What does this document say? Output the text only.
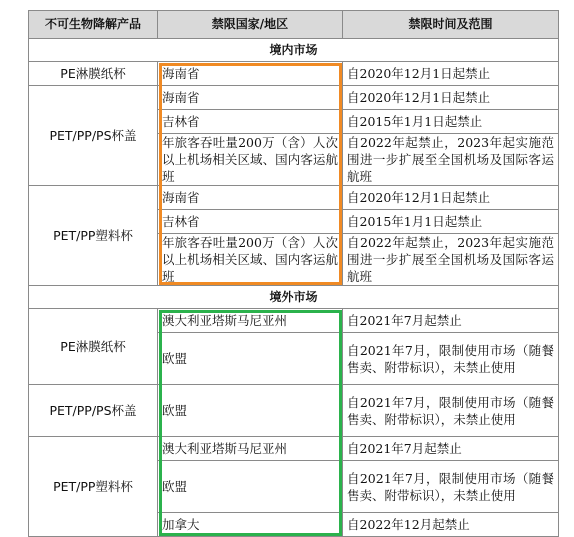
不可生物降解产品	禁限国家/地区	禁限时间及范围
境内市场		
PE淋膜纸杯	海南省	自2020年12月1日起禁止
PET/PP/PS杯盖	海南省	自2020年12月1日起禁止
	吉林省	自2015年1月1日起禁止
	年旅客吞吐量200万（含）人次以上机场相关区域、国内客运航班	自2022年起禁止，2023年起实施范围进一步扩展至全国机场及国际客运航班
PET/PP塑料杯	海南省	自2020年12月1日起禁止
	吉林省	自2015年1月1日起禁止
	年旅客吞吐量200万（含）人次以上机场相关区域、国内客运航班	自2022年起禁止，2023年起实施范围进一步扩展至全国机场及国际客运航班
境外市场		
PE淋膜纸杯	澳大利亚塔斯马尼亚州	自2021年7月起禁止
	欧盟	自2021年7月，限制使用市场（随餐售卖、附带标识），未禁止使用
PET/PP/PS杯盖	欧盟	自2021年7月，限制使用市场（随餐售卖、附带标识），未禁止使用
PET/PP塑料杯	澳大利亚塔斯马尼亚州	自2021年7月起禁止
	欧盟	自2021年7月，限制使用市场（随餐售卖、附带标识），未禁止使用
	加拿大	自2022年12月起禁止
